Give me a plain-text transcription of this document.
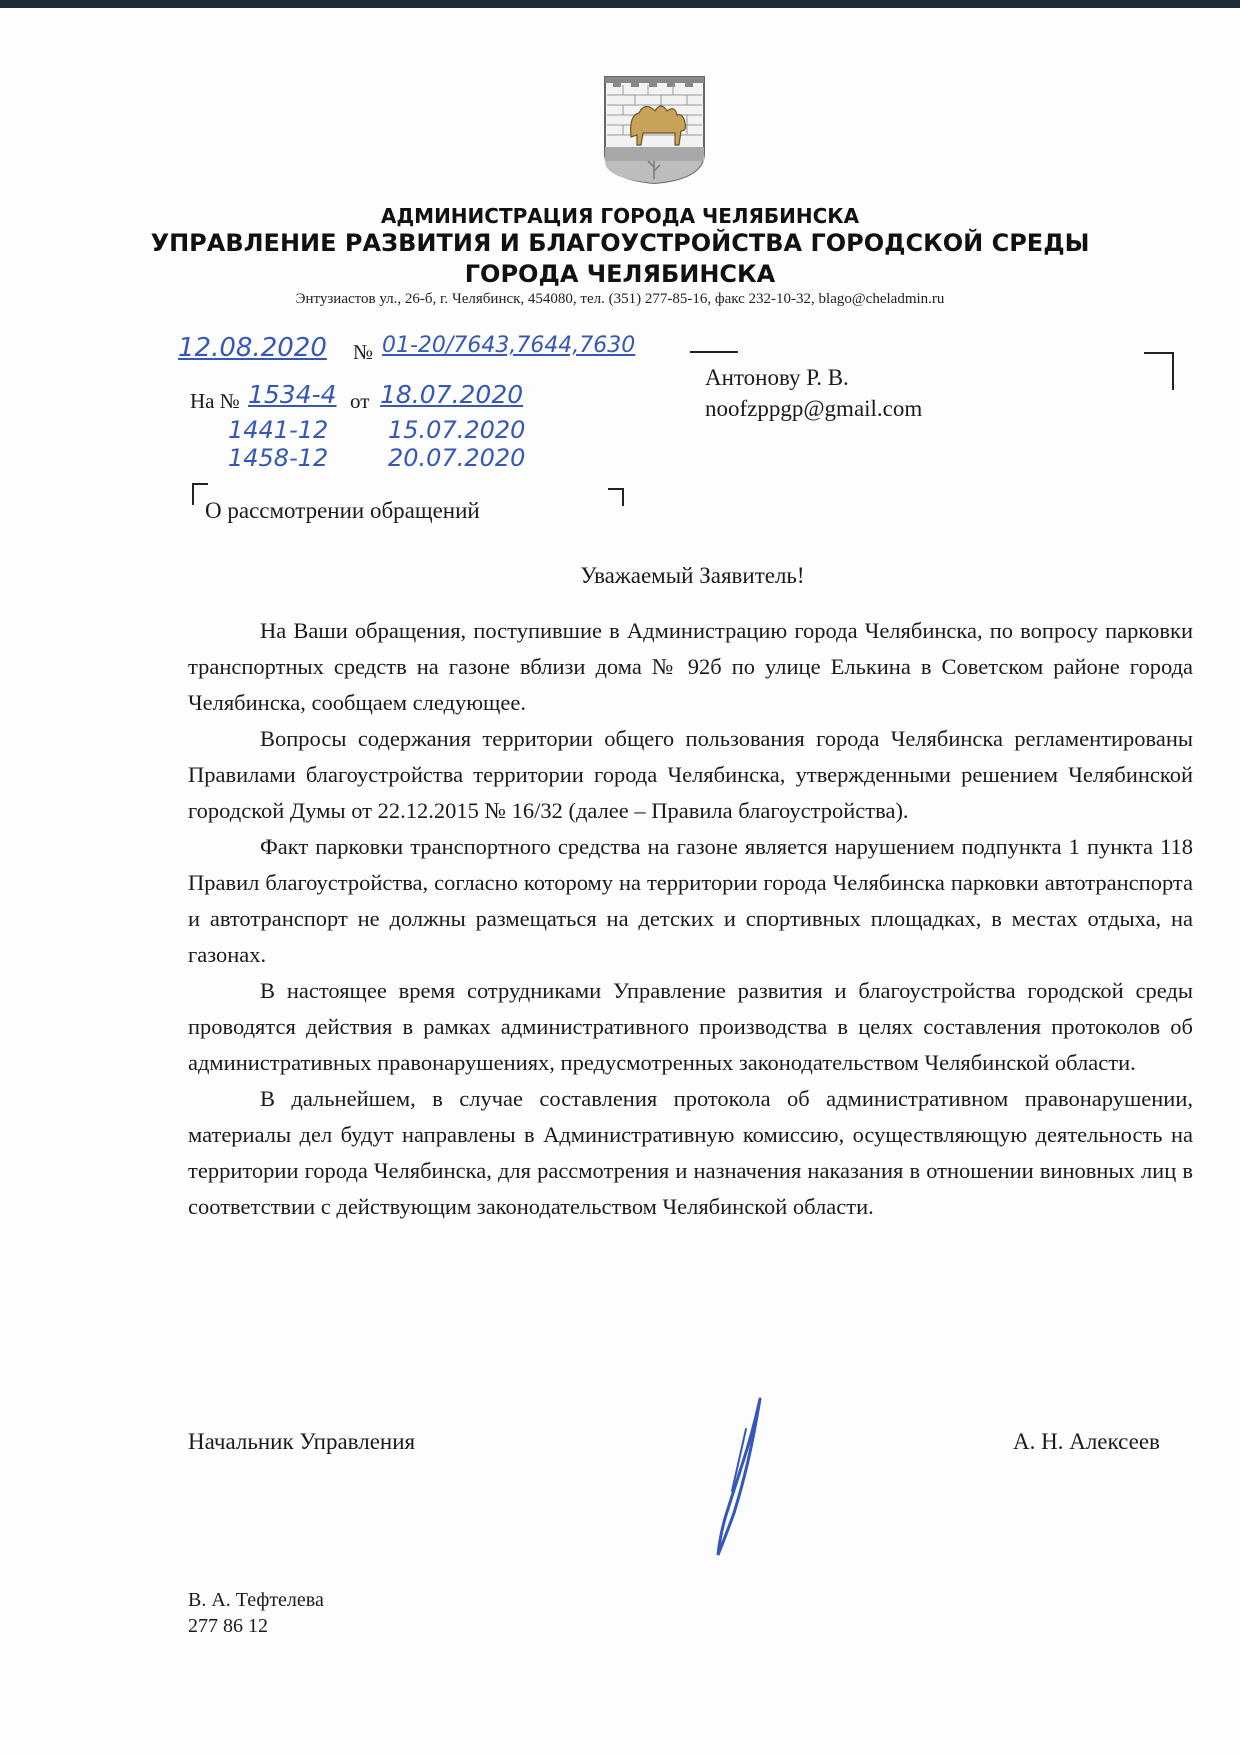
АДМИНИСТРАЦИЯ ГОРОДА ЧЕЛЯБИНСКА
УПРАВЛЕНИЕ РАЗВИТИЯ И БЛАГОУСТРОЙСТВА ГОРОДСКОЙ СРЕДЫ
ГОРОДА ЧЕЛЯБИНСКА
Энтузиастов ул., 26-б, г. Челябинск, 454080, тел. (351) 277-85-16, факс 232-10-32, blago@cheladmin.ru
12.08.2020 № 01-20/7643,7644,7630
На № 1534-4 от 18.07.2020
1441-12 15.07.2020
1458-12 20.07.2020
Антонову Р. В.
noofzppgp@gmail.com
О рассмотрении обращений
Уважаемый Заявитель!

На Ваши обращения, поступившие в Администрацию города Челябинска, по вопросу парковки транспортных средств на газоне вблизи дома № 92б по улице Елькина в Советском районе города Челябинска, сообщаем следующее.

Вопросы содержания территории общего пользования города Челябинска регламентированы Правилами благоустройства территории города Челябинска, утвержденными решением Челябинской городской Думы от 22.12.2015 № 16/32 (далее – Правила благоустройства).

Факт парковки транспортного средства на газоне является нарушением подпункта 1 пункта 118 Правил благоустройства, согласно которому на территории города Челябинска парковки автотранспорта и автотранспорт не должны размещаться на детских и спортивных площадках, в местах отдыха, на газонах.

В настоящее время сотрудниками Управление развития и благоустройства городской среды проводятся действия в рамках административного производства в целях составления протоколов об административных правонарушениях, предусмотренных законодательством Челябинской области.

В дальнейшем, в случае составления протокола об административном правонарушении, материалы дел будут направлены в Административную комиссию, осуществляющую деятельность на территории города Челябинска, для рассмотрения и назначения наказания в отношении виновных лиц в соответствии с действующим законодательством Челябинской области.

Начальник Управления	А. Н. Алексеев
В. А. Тефтелева
277 86 12
